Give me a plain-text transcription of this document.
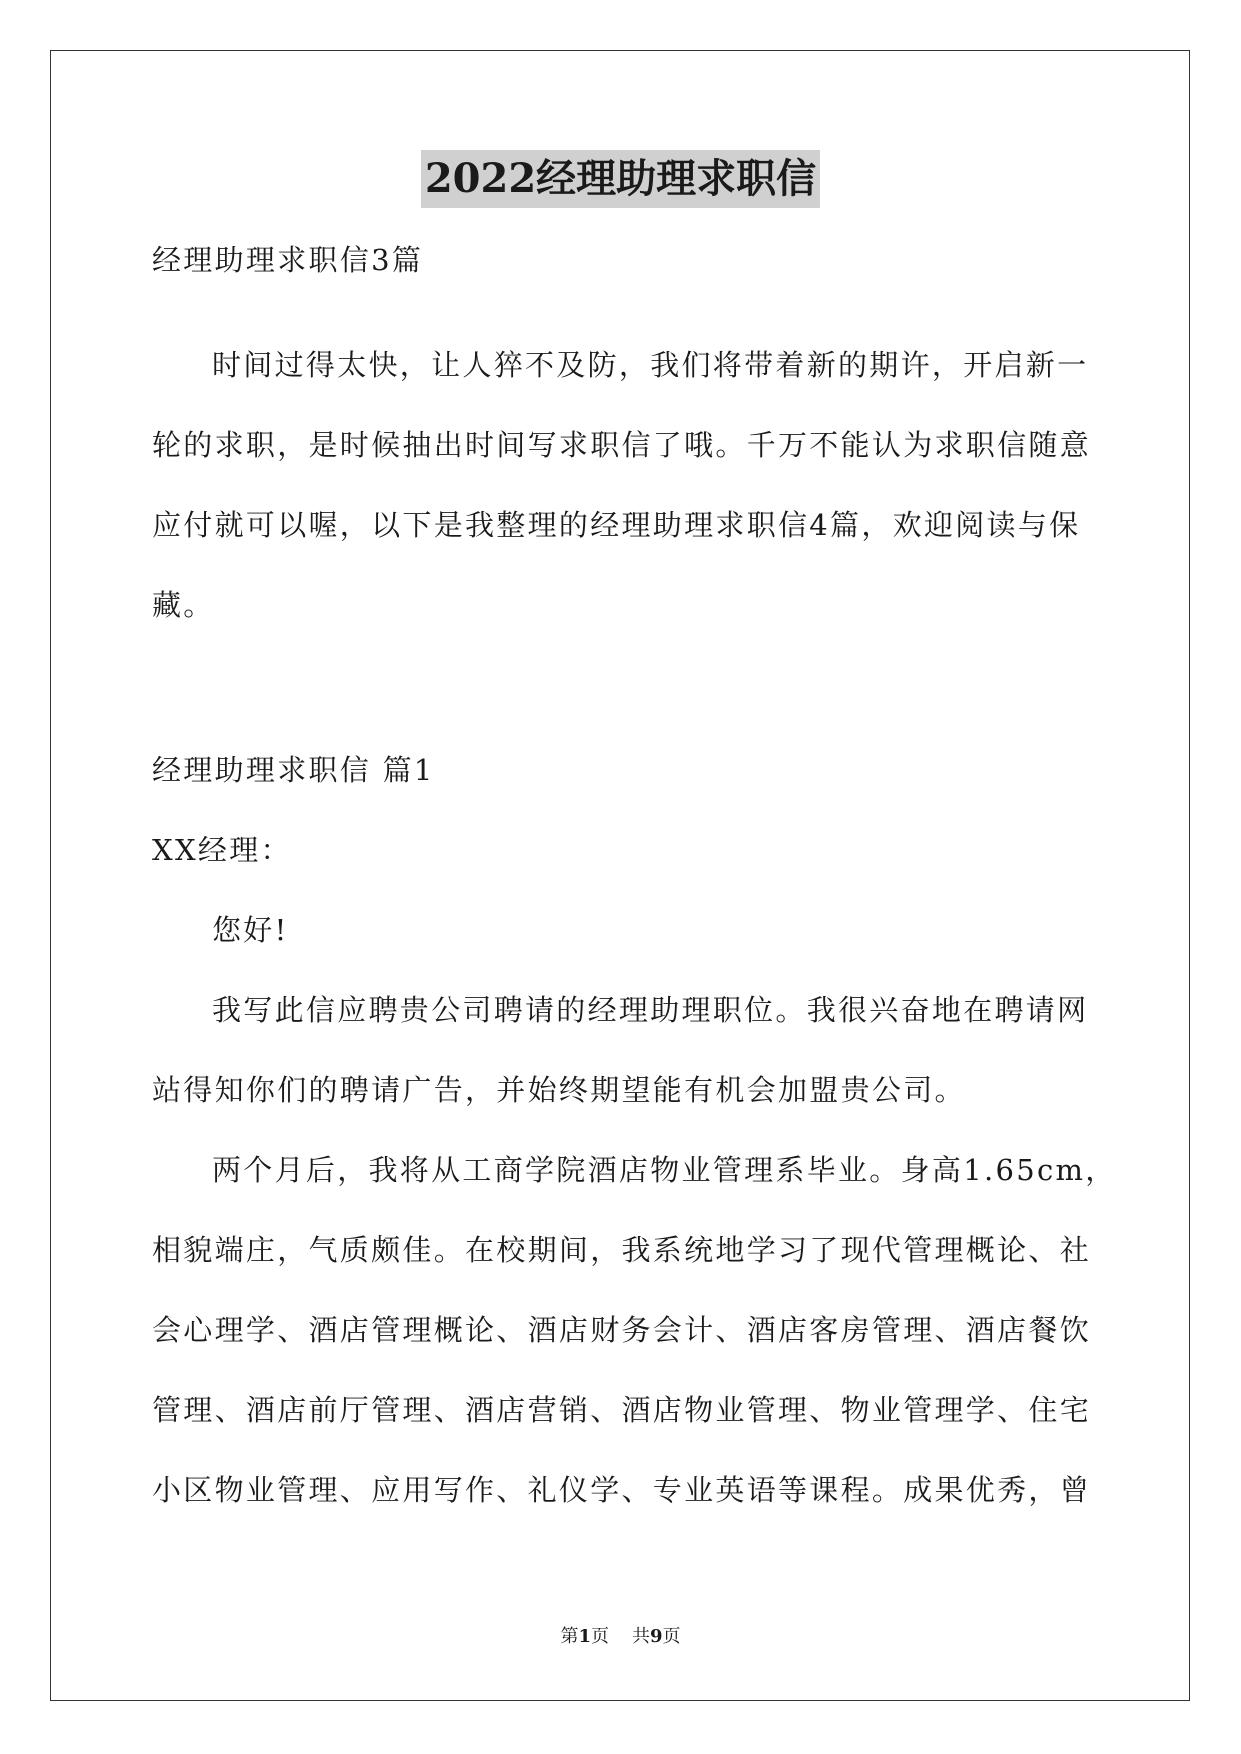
2022经理助理求职信
经理助理求职信3篇
时间过得太快，让人猝不及防，我们将带着新的期许，开启新一
轮的求职，是时候抽出时间写求职信了哦。千万不能认为求职信随意
应付就可以喔，以下是我整理的经理助理求职信4篇，欢迎阅读与保
藏。
经理助理求职信 篇1
XX经理：
您好!
我写此信应聘贵公司聘请的经理助理职位。我很兴奋地在聘请网
站得知你们的聘请广告，并始终期望能有机会加盟贵公司。
两个月后，我将从工商学院酒店物业管理系毕业。身高1.65cm，
相貌端庄，气质颇佳。在校期间，我系统地学习了现代管理概论、社
会心理学、酒店管理概论、酒店财务会计、酒店客房管理、酒店餐饮
管理、酒店前厅管理、酒店营销、酒店物业管理、物业管理学、住宅
小区物业管理、应用写作、礼仪学、专业英语等课程。成果优秀，曾
第1页 共9页
